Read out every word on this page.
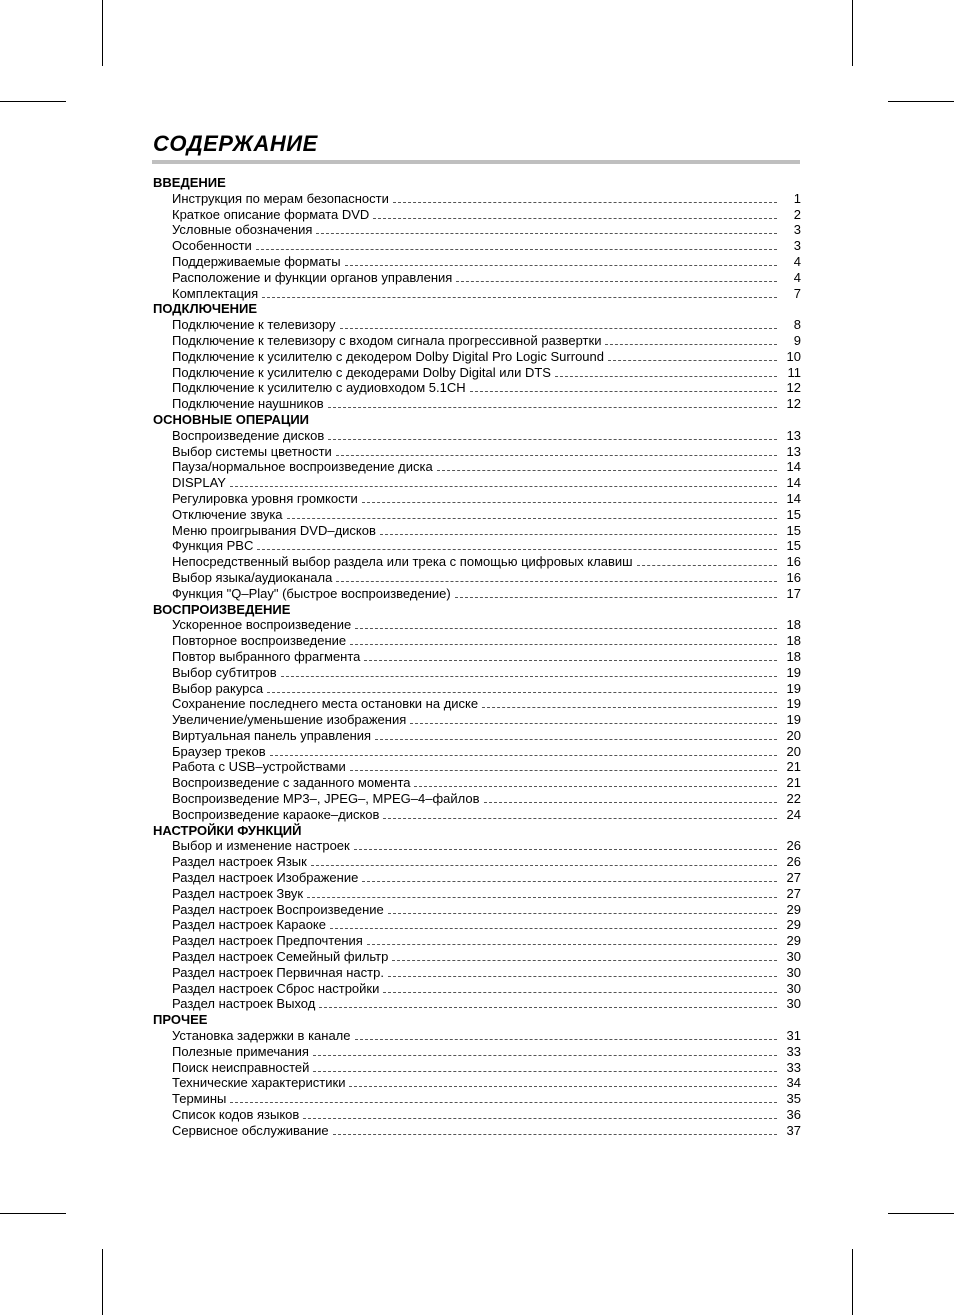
СОДЕРЖАНИЕ
ВВЕДЕНИЕ
Инструкция по мерам безопасности	1
Краткое описание формата DVD	2
Условные обозначения	3
Особенности	3
Поддерживаемые форматы	4
Расположение и функции органов управления	4
Комплектация	7
ПОДКЛЮЧЕНИЕ
Подключение к телевизору	8
Подключение к телевизору с входом сигнала прогрессивной развертки	9
Подключение к усилителю с декодером Dolby Digital Pro Logic Surround	10
Подключение к усилителю с декодерами Dolby Digital или DTS	11
Подключение к усилителю с аудиовходом 5.1CH	12
Подключение наушников	12
ОСНОВНЫЕ ОПЕРАЦИИ
Воспроизведение дисков	13
Выбор системы цветности	13
Пауза/нормальное воспроизведение диска	14
DISPLAY	14
Регулировка уровня громкости	14
Отключение звука	15
Меню проигрывания DVD–дисков	15
Функция PBC	15
Непосредственный выбор раздела или трека с помощью цифровых клавиш	16
Выбор языка/аудиоканала	16
Функция "Q–Play" (быстрое воспроизведение)	17
ВОСПРОИЗВЕДЕНИЕ
Ускоренное воспроизведение	18
Повторное воспроизведение	18
Повтор выбранного фрагмента	18
Выбор субтитров	19
Выбор ракурса	19
Сохранение последнего места остановки на диске	19
Увеличение/уменьшение изображения	19
Виртуальная панель управления	20
Браузер треков	20
Работа с USB–устройствами	21
Воспроизведение с заданного момента	21
Воспроизведение MP3–, JPEG–, MPEG–4–файлов	22
Воспроизведение караоке–дисков	24
НАСТРОЙКИ ФУНКЦИЙ
Выбор и изменение настроек	26
Раздел настроек Язык	26
Раздел настроек Изображение	27
Раздел настроек Звук	27
Раздел настроек Воспроизведение	29
Раздел настроек Караоке	29
Раздел настроек Предпочтения	29
Раздел настроек Семейный фильтр	30
Раздел настроек Первичная настр.	30
Раздел настроек Сброс настройки	30
Раздел настроек Выход	30
ПРОЧЕЕ
Установка задержки в канале	31
Полезные примечания	33
Поиск неисправностей	33
Технические характеристики	34
Термины	35
Список кодов языков	36
Сервисное обслуживание	37
